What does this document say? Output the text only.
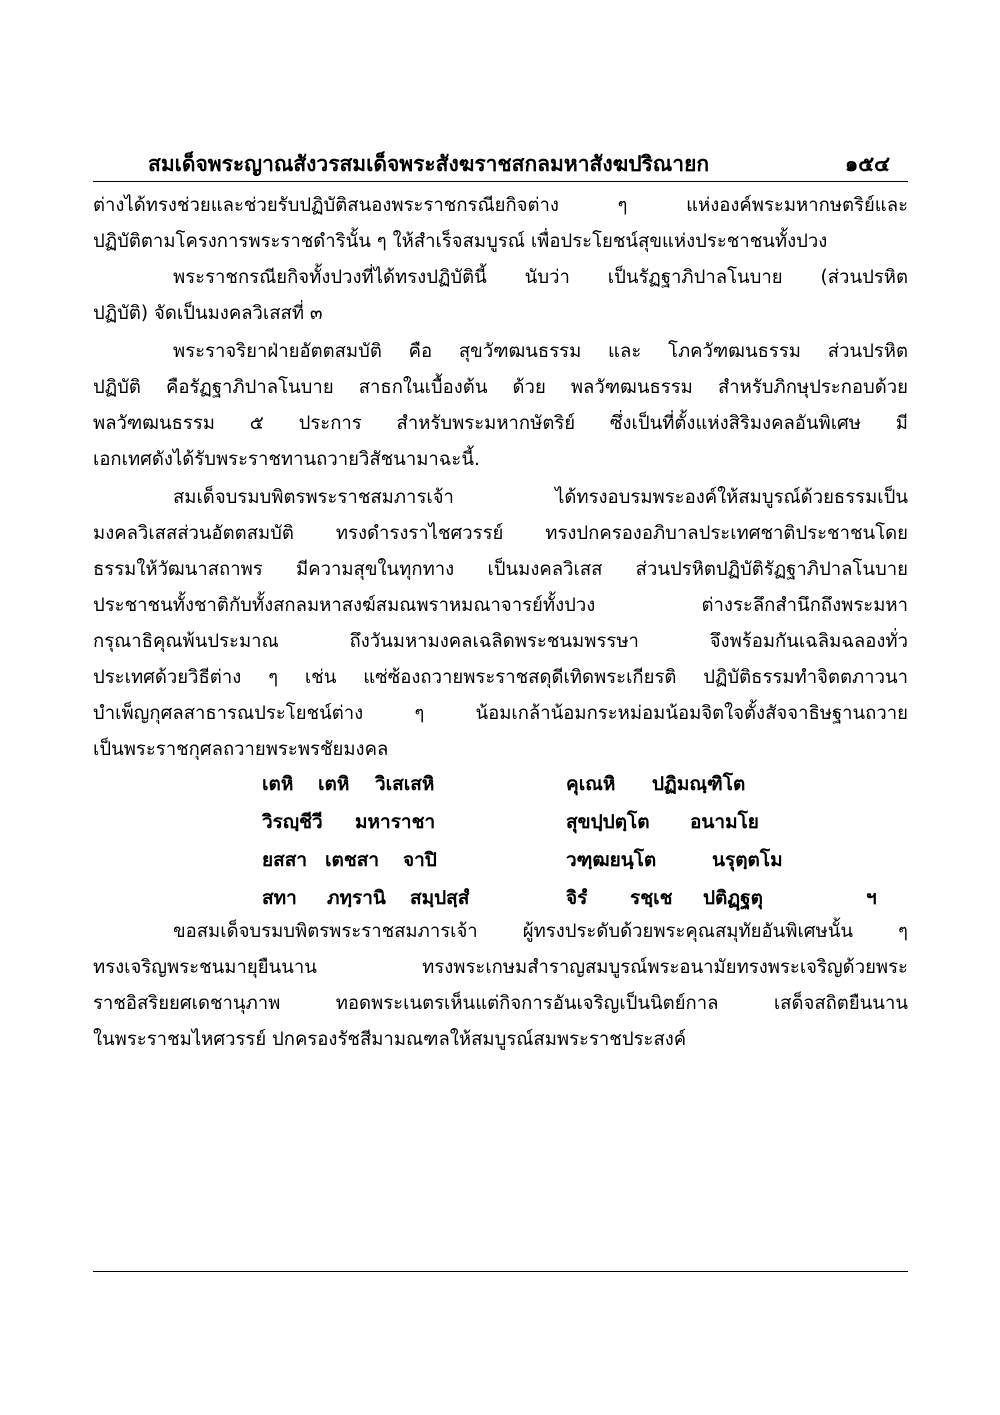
สมเด็จพระญาณสังวรสมเด็จพระสังฆราชสกลมหาสังฆปริณายก	๑๕๔
ต่างได้ทรงช่วยและช่วยรับปฏิบัติสนองพระราชกรณียกิจต่าง ๆ แห่งองค์พระมหากษตริย์และ
ปฏิบัติตามโครงการพระราชดำรินั้น ๆ ให้สำเร็จสมบูรณ์ เพื่อประโยชน์สุขแห่งประชาชนทั้งปวง
พระราชกรณียกิจทั้งปวงที่ได้ทรงปฏิบัตินี้ นับว่า เป็นรัฏฐาภิปาลโนบาย (ส่วนปรหิต
ปฏิบัติ) จัดเป็นมงคลวิเสสที่ ๓
พระราจริยาฝ่ายอัตตสมบัติ คือ สุขวัฑฒนธรรม และ โภควัฑฒนธรรม ส่วนปรหิต
ปฏิบัติ คือรัฏฐาภิปาลโนบาย สาธกในเบื้องต้น ด้วย พลวัฑฒนธรรม สำหรับภิกษุประกอบด้วย
พลวัฑฒนธรรม ๕ ประการ สำหรับพระมหากษัตริย์ ซึ่งเป็นที่ตั้งแห่งสิริมงคลอันพิเศษ มี
เอกเทศดังได้รับพระราชทานถวายวิสัชนามาฉะนี้.
สมเด็จบรมบพิตรพระราชสมภารเจ้า ได้ทรงอบรมพระองค์ให้สมบูรณ์ด้วยธรรมเป็น
มงคลวิเสสส่วนอัตตสมบัติ ทรงดำรงราไชศวรรย์ ทรงปกครองอภิบาลประเทศชาติประชาชนโดย
ธรรมให้วัฒนาสถาพร มีความสุขในทุกทาง เป็นมงคลวิเสส ส่วนปรหิตปฏิบัติรัฏฐาภิปาลโนบาย
ประชาชนทั้งชาติกับทั้งสกลมหาสงฆ์สมณพราหมณาจารย์ทั้งปวง ต่างระลึกสำนึกถึงพระมหา
กรุณาธิคุณพ้นประมาณ ถึงวันมหามงคลเฉลิดพระชนมพรรษา จึงพร้อมกันเฉลิมฉลองทั่ว
ประเทศด้วยวิธีต่าง ๆ เช่น แซ่ซ้องถวายพระราชสดุดีเทิดพระเกียรติ ปฏิบัติธรรมทำจิตตภาวนา
บำเพ็ญกุศลสาธารณประโยชน์ต่าง ๆ น้อมเกล้าน้อมกระหม่อมน้อมจิตใจตั้งสัจจาธิษฐานถวาย
เป็นพระราชกุศลถวายพระพรชัยมงคล
ขอสมเด็จบรมบพิตรพระราชสมภารเจ้า ผู้ทรงประดับด้วยพระคุณสมุทัยอันพิเศษนั้น ๆ
ทรงเจริญพระชนมายุยืนนาน ทรงพระเกษมสำราญสมบูรณ์พระอนามัยทรงพระเจริญด้วยพระ
ราชอิสริยยศเดชานุภาพ ทอดพระเนตรเห็นแต่กิจการอันเจริญเป็นนิตย์กาล เสด็จสถิตยืนนาน
ในพระราชมไหศวรรย์ ปกครองรัชสีมามณฑลให้สมบูรณ์สมพระราชประสงค์
เตหิ เตหิ วิเสเสหิ	คุเณหิ ปฏิมณฺฑิโต
วิรญฺชีวี มหาราชา	สุขปฺปตฺโต อนามโย
ยสสา เตชสา จาปิ	วฑฺฒยนฺโต	นรุตฺตโม
สทา ภทฺรานิ สมฺปสฺสํ	จิรํ รชฺเช ปติฏฺฐตุ	ฯ
